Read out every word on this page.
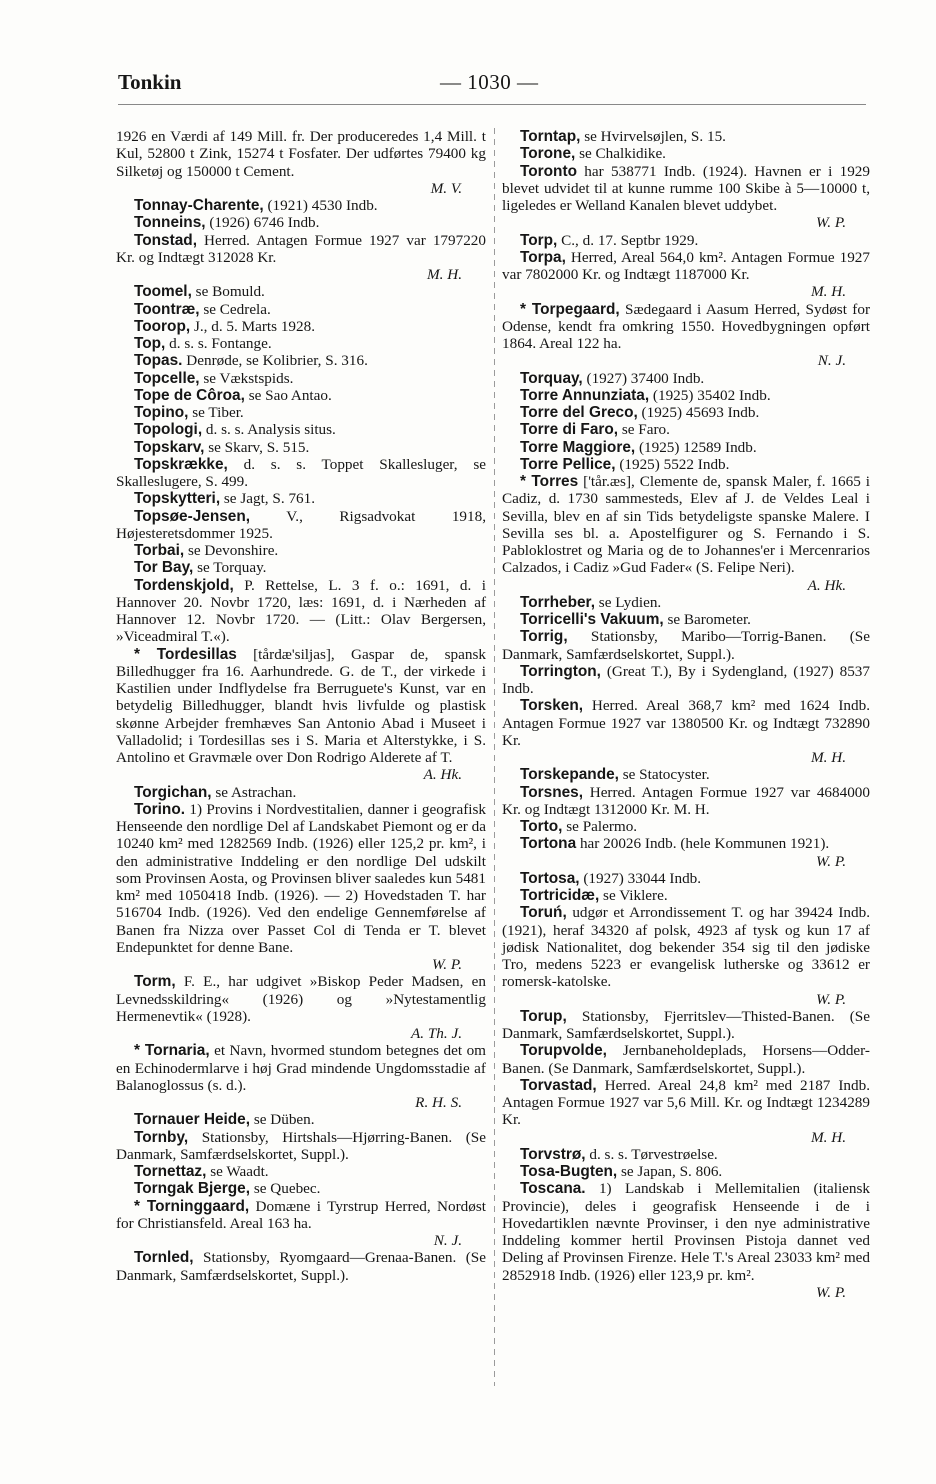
Tonkin	— 1030 —

1926 en Værdi af 149 Mill. fr. Der produceredes 1,4 Mill. t Kul, 52800 t Zink, 15274 t Fosfater. Der udførtes 79400 kg Silketøj og 150000 t Cement.
M. V.

Tonnay-Charente, (1921) 4530 Indb.

Tonneins, (1926) 6746 Indb.

Tonstad, Herred. Antagen Formue 1927 var 1797220 Kr. og Indtægt 312028 Kr.
M. H.

Toomel, se Bomuld.

Toontræ, se Cedrela.

Toorop, J., d. 5. Marts 1928.

Top, d. s. s. Fontange.

Topas. Denrøde, se Kolibrier, S. 316.

Topcelle, se Vækstspids.

Tope de Côroa, se Sao Antao.

Topino, se Tiber.

Topologi, d. s. s. Analysis situs.

Topskarv, se Skarv, S. 515.

Topskrække, d. s. s. Toppet Skallesluger, se Skalleslugere, S. 499.

Topskytteri, se Jagt, S. 761.

Topsøe-Jensen, V., Rigsadvokat 1918, Højesteretsdommer 1925.

Torbai, se Devonshire.

Tor Bay, se Torquay.

Tordenskjold, P. Rettelse, L. 3 f. o.: 1691, d. i Hannover 20. Novbr 1720, læs: 1691, d. i Nærheden af Hannover 12. Novbr 1720. — (Litt.: Olav Bergersen, »Viceadmiral T.«).

* Tordesillas [tårdæ'siljas], Gaspar de, spansk Billedhugger fra 16. Aarhundrede. G. de T., der virkede i Kastilien under Indflydelse fra Berruguete's Kunst, var en betydelig Billedhugger, blandt hvis livfulde og plastisk skønne Arbejder fremhæves San Antonio Abad i Museet i Valladolid; i Tordesillas ses i S. Maria et Alterstykke, i S. Antolino et Gravmæle over Don Rodrigo Alderete af T.
A. Hk.

Torgichan, se Astrachan.

Torino. 1) Provins i Nordvestitalien, danner i geografisk Henseende den nordlige Del af Landskabet Piemont og er da 10240 km² med 1282569 Indb. (1926) eller 125,2 pr. km², i den administrative Inddeling er den nordlige Del udskilt som Provinsen Aosta, og Provinsen bliver saaledes kun 5481 km² med 1050418 Indb. (1926). — 2) Hovedstaden T. har 516704 Indb. (1926). Ved den endelige Gennemførelse af Banen fra Nizza over Passet Col di Tenda er T. blevet Endepunktet for denne Bane.
W. P.

Torm, F. E., har udgivet »Biskop Peder Madsen, en Levnedsskildring« (1926) og »Nytestamentlig Hermenevtik« (1928).
A. Th. J.

* Tornaria, et Navn, hvormed stundom betegnes det om en Echinodermlarve i høj Grad mindende Ungdomsstadie af Balanoglossus (s. d.).
R. H. S.

Tornauer Heide, se Düben.

Tornby, Stationsby, Hirtshals—Hjørring-Banen. (Se Danmark, Samfærdselskortet, Suppl.).

Tornettaz, se Waadt.

Torngak Bjerge, se Quebec.

* Torninggaard, Domæne i Tyrstrup Herred, Nordøst for Christiansfeld. Areal 163 ha.
N. J.

Tornled, Stationsby, Ryomgaard—Grenaa-Banen. (Se Danmark, Samfærdselskortet, Suppl.).

Torntap, se Hvirvelsøjlen, S. 15.

Torone, se Chalkidike.

Toronto har 538771 Indb. (1924). Havnen er i 1929 blevet udvidet til at kunne rumme 100 Skibe à 5—10000 t, ligeledes er Welland Kanalen blevet uddybet.
W. P.

Torp, C., d. 17. Septbr 1929.

Torpa, Herred, Areal 564,0 km². Antagen Formue 1927 var 7802000 Kr. og Indtægt 1187000 Kr.
M. H.

* Torpegaard, Sædegaard i Aasum Herred, Sydøst for Odense, kendt fra omkring 1550. Hovedbygningen opført 1864. Areal 122 ha.
N. J.

Torquay, (1927) 37400 Indb.

Torre Annunziata, (1925) 35402 Indb.

Torre del Greco, (1925) 45693 Indb.

Torre di Faro, se Faro.

Torre Maggiore, (1925) 12589 Indb.

Torre Pellice, (1925) 5522 Indb.

* Torres ['tår.æs], Clemente de, spansk Maler, f. 1665 i Cadiz, d. 1730 sammesteds, Elev af J. de Veldes Leal i Sevilla, blev en af sin Tids betydeligste spanske Malere. I Sevilla ses bl. a. Apostelfigurer og S. Fernando i S. Pabloklostret og Maria og de to Johannes'er i Mercenrarios Calzados, i Cadiz »Gud Fader« (S. Felipe Neri).
A. Hk.

Torrheber, se Lydien.

Torricelli's Vakuum, se Barometer.

Torrig, Stationsby, Maribo—Torrig-Banen. (Se Danmark, Samfærdselskortet, Suppl.).

Torrington, (Great T.), By i Sydengland, (1927) 8537 Indb.

Torsken, Herred. Areal 368,7 km² med 1624 Indb. Antagen Formue 1927 var 1380500 Kr. og Indtægt 732890 Kr.
M. H.

Torskepande, se Statocyster.

Torsnes, Herred. Antagen Formue 1927 var 4684000 Kr. og Indtægt 1312000 Kr. M. H.

Torto, se Palermo.

Tortona har 20026 Indb. (hele Kommunen 1921).
W. P.

Tortosa, (1927) 33044 Indb.

Tortricidæ, se Viklere.

Toruń, udgør et Arrondissement T. og har 39424 Indb. (1921), heraf 34320 af polsk, 4923 af tysk og kun 17 af jødisk Nationalitet, dog bekender 354 sig til den jødiske Tro, medens 5223 er evangelisk lutherske og 33612 er romersk-katolske.
W. P.

Torup, Stationsby, Fjerritslev—Thisted-Banen. (Se Danmark, Samfærdselskortet, Suppl.).

Torupvolde, Jernbaneholdeplads, Horsens—Odder-Banen. (Se Danmark, Samfærdselskortet, Suppl.).

Torvastad, Herred. Areal 24,8 km² med 2187 Indb. Antagen Formue 1927 var 5,6 Mill. Kr. og Indtægt 1234289 Kr.
M. H.

Torvstrø, d. s. s. Tørvestrøelse.

Tosa-Bugten, se Japan, S. 806.

Toscana. 1) Landskab i Mellemitalien (italiensk Provincie), deles i geografisk Henseende i de i Hovedartiklen nævnte Provinser, i den nye administrative Inddeling kommer hertil Provinsen Pistoja dannet ved Deling af Provinsen Firenze. Hele T.'s Areal 23033 km² med 2852918 Indb. (1926) eller 123,9 pr. km².
W. P.
